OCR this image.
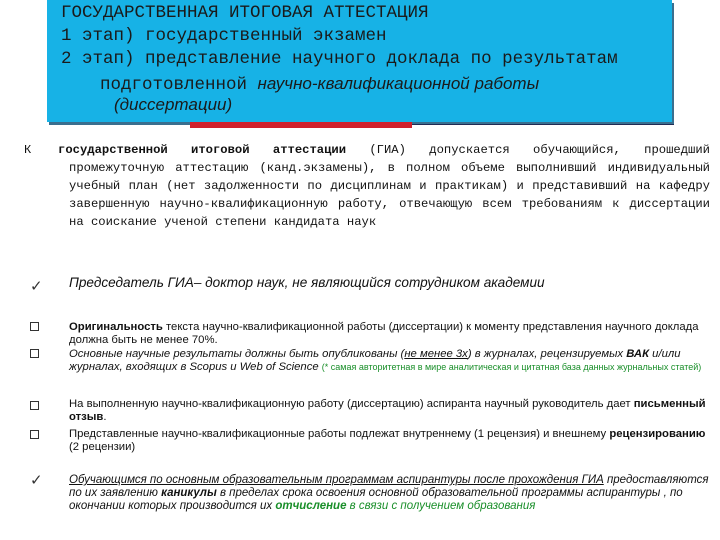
ГОСУДАРСТВЕННАЯ ИТОГОВАЯ АТТЕСТАЦИЯ
1 этап) государственный экзамен
2 этап) представление научного доклада по результатам
подготовленной научно-квалификационной работы
(диссертации)

К государственной итоговой аттестации (ГИА) допускается обучающийся, прошедший промежуточную аттестацию (канд.экзамены), в полном объеме выполнивший индивидуальный учебный план (нет задолженности по дисциплинам и практикам) и представивший на кафедру завершенную научно-квалификационную работу, отвечающую всем требованиям к диссертации на соискание ученой степени кандидата наук

✓ Председатель ГИА– доктор наук, не являющийся сотрудником академии
Оригинальность текста научно-квалификационной работы (диссертации) к моменту представления научного доклада должна быть не менее 70%.
Основные научные результаты должны быть опубликованы (не менее 3х) в журналах, рецензируемых ВАК и/или журналах, входящих в Scopus и Web of Science (* самая авторитетная в мире аналитическая и цитатная база данных журнальных статей)
На выполненную научно-квалификационную работу (диссертацию) аспиранта научный руководитель дает письменный отзыв.
Представленные научно-квалификационные работы подлежат внутреннему (1 рецензия) и внешнему рецензированию (2 рецензии)
✓ Обучающимся по основным образовательным программам аспирантуры после прохождения ГИА предоставляются по их заявлению каникулы в пределах срока освоения основной образовательной программы аспирантуры , по окончании которых производится их отчисление в связи с получением образования
